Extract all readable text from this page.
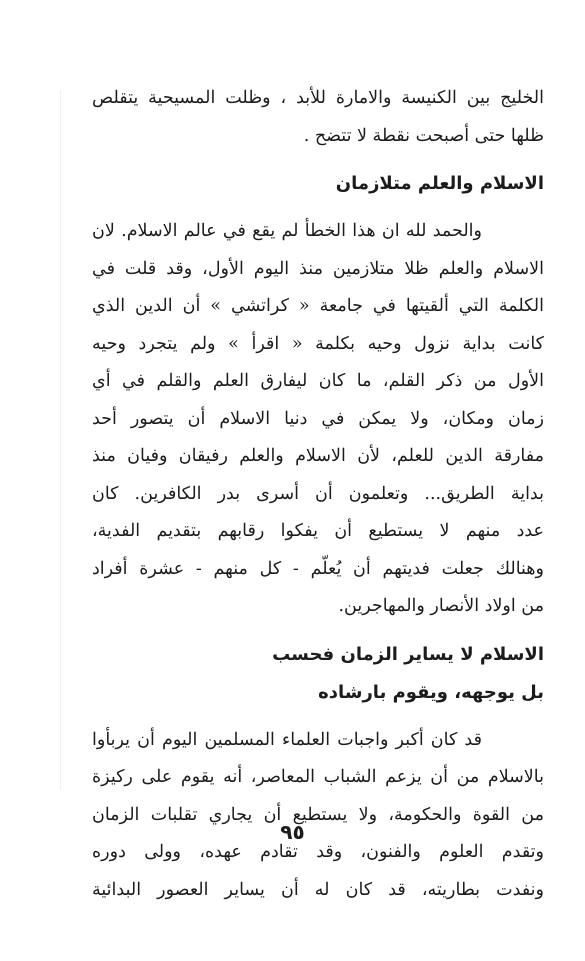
الخليج بين الكنيسة والامارة للأبد ، وظلت المسيحية يتقلص
ظلها حتى أصبحت نقطة لا تتضح .
الاسلام والعلم متلازمان
والحمد لله ان هذا الخطأ لم يقع في عالم الاسلام. لان
الاسلام والعلم ظلا متلازمين منذ اليوم الأول، وقد قلت في
الكلمة التي ألقيتها في جامعة « كراتشي » أن الدين الذي
كانت بداية نزول وحيه بكلمة « اقرأ » ولم يتجرد وحيه
الأول من ذكر القلم، ما كان ليفارق العلم والقلم في أي
زمان ومكان، ولا يمكن في دنيا الاسلام أن يتصور أحد
مفارقة الدين للعلم، لأن الاسلام والعلم رفيقان وفيان منذ
بداية الطريق... وتعلمون أن أسرى بدر الكافرين. كان
عدد منهم لا يستطيع أن يفكوا رقابهم بتقديم الفدية،
وهنالك جعلت فديتهم أن يُعلّم - كل منهم - عشرة أفراد
من اولاد الأنصار والمهاجرين.
الاسلام لا يساير الزمان فحسب
بل يوجهه، ويقوم بارشاده
قد كان أكبر واجبات العلماء المسلمين اليوم أن يربأوا
بالاسلام من أن يزعم الشباب المعاصر، أنه يقوم على ركيزة
من القوة والحكومة، ولا يستطيع أن يجاري تقلبات الزمان
وتقدم العلوم والفنون، وقد تقادم عهده، وولى دوره
ونفدت بطاريته، قد كان له أن يساير العصور البدائية
٩٥
